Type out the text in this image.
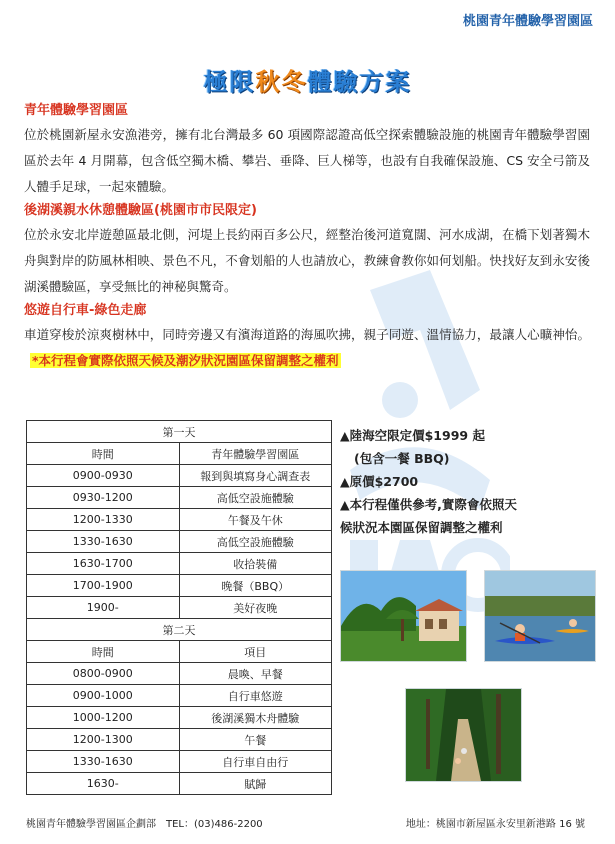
桃園青年體驗學習園區
極限秋冬體驗方案
青年體驗學習園區

位於桃園新屋永安漁港旁，擁有北台灣最多 60 項國際認證高低空探索體驗設施的桃園青年體驗學習園區於去年 4 月開幕，包含低空獨木橋、攀岩、垂降、巨人梯等，也設有自我確保設施、CS 安全弓箭及人體手足球，一起來體驗。

後湖溪親水休憩體驗區(桃園市市民限定)

位於永安北岸遊憩區最北側，河堤上長約兩百多公尺，經整治後河道寬闊、河水成湖，在橋下划著獨木舟與對岸的防風林相映、景色不凡，不會划船的人也請放心，教練會教你如何划船。快找好友到永安後湖溪體驗區，享受無比的神秘與驚奇。

悠遊自行車-綠色走廊

車道穿梭於涼爽樹林中，同時旁邊又有濱海道路的海風吹拂，親子同遊、溫情協力，最讓人心曠神怡。*本行程會實際依照天候及潮汐狀況園區保留調整之權利

第一天	
時間	青年體驗學習園區
0900-0930	報到與填寫身心調查表
0930-1200	高低空設施體驗
1200-1330	午餐及午休
1330-1630	高低空設施體驗
1630-1700	收拾裝備
1700-1900	晚餐（BBQ）
1900-	美好夜晚
第二天	
時間	項目
0800-0900	晨喚、早餐
0900-1000	自行車悠遊
1000-1200	後湖溪獨木舟體驗
1200-1300	午餐
1330-1630	自行車自由行
1630-	賦歸

▲陸海空限定價$1999 起

(包含一餐 BBQ)

▲原價$2700

▲本行程僅供參考,實際會依照天

候狀況本園區保留調整之權利

桃園青年體驗學習園區企劃部　TEL：(03)486-2200	地址：桃園市新屋區永安里新港路 16 號
